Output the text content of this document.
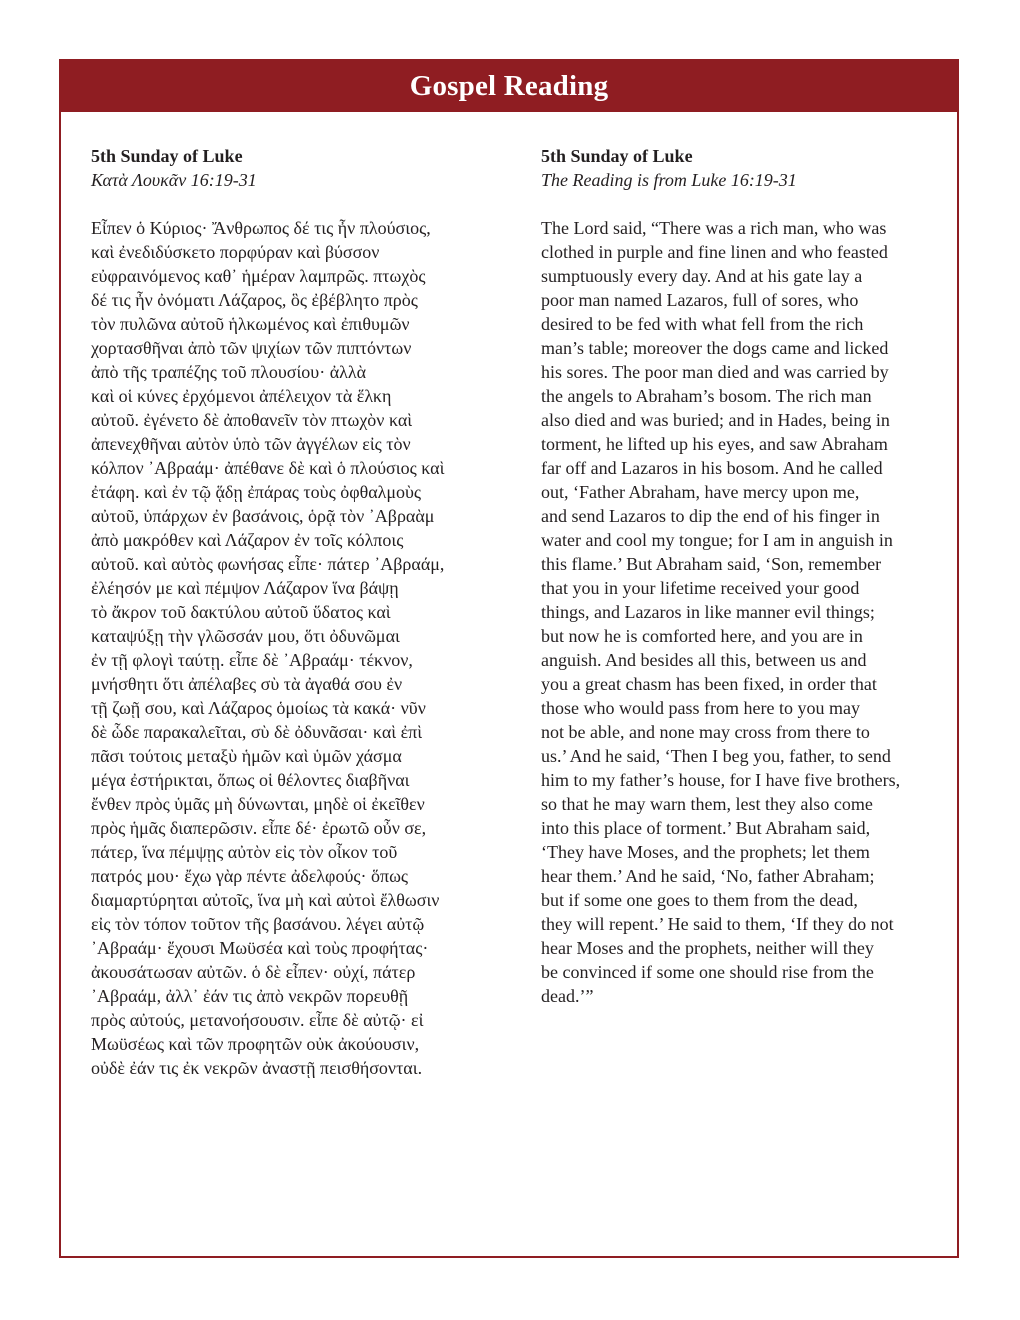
Gospel Reading

5th Sunday of Luke

Κατὰ Λουκᾶν 16:19-31

Εἶπεν ὁ Κύριος· Ἄνθρωπος δέ τις ἦν πλούσιος,
καὶ ἐνεδιδύσκετο πορφύραν καὶ βύσσον
εὐφραινόμενος καθ᾿ ἡμέραν λαμπρῶς. πτωχὸς
δέ τις ἦν ὀνόματι Λάζαρος, ὃς ἐβέβλητο πρὸς
τὸν πυλῶνα αὐτοῦ ἡλκωμένος καὶ ἐπιθυμῶν
χορτασθῆναι ἀπὸ τῶν ψιχίων τῶν πιπτόντων
ἀπὸ τῆς τραπέζης τοῦ πλουσίου· ἀλλὰ
καὶ οἱ κύνες ἐρχόμενοι ἀπέλειχον τὰ ἕλκη
αὐτοῦ. ἐγένετο δὲ ἀποθανεῖν τὸν πτωχὸν καὶ
ἀπενεχθῆναι αὐτὸν ὑπὸ τῶν ἀγγέλων εἰς τὸν
κόλπον ᾿Αβραάμ· ἀπέθανε δὲ καὶ ὁ πλούσιος καὶ
ἐτάφη. καὶ ἐν τῷ ᾅδῃ ἐπάρας τοὺς ὀφθαλμοὺς
αὐτοῦ, ὑπάρχων ἐν βασάνοις, ὁρᾷ τὸν ᾿Αβραὰμ
ἀπὸ μακρόθεν καὶ Λάζαρον ἐν τοῖς κόλποις
αὐτοῦ. καὶ αὐτὸς φωνήσας εἶπε· πάτερ ᾿Αβραάμ,
ἐλέησόν με καὶ πέμψον Λάζαρον ἵνα βάψῃ
τὸ ἄκρον τοῦ δακτύλου αὐτοῦ ὕδατος καὶ
καταψύξῃ τὴν γλῶσσάν μου, ὅτι ὀδυνῶμαι
ἐν τῇ φλογὶ ταύτῃ. εἶπε δὲ ᾿Αβραάμ· τέκνον,
μνήσθητι ὅτι ἀπέλαβες σὺ τὰ ἀγαθά σου ἐν
τῇ ζωῇ σου, καὶ Λάζαρος ὁμοίως τὰ κακά· νῦν
δὲ ὧδε παρακαλεῖται, σὺ δὲ ὀδυνᾶσαι· καὶ ἐπὶ
πᾶσι τούτοις μεταξὺ ἡμῶν καὶ ὑμῶν χάσμα
μέγα ἐστήρικται, ὅπως οἱ θέλοντες διαβῆναι
ἔνθεν πρὸς ὑμᾶς μὴ δύνωνται, μηδὲ οἱ ἐκεῖθεν
πρὸς ἡμᾶς διαπερῶσιν. εἶπε δέ· ἐρωτῶ οὖν σε,
πάτερ, ἵνα πέμψῃς αὐτὸν εἰς τὸν οἶκον τοῦ
πατρός μου· ἔχω γὰρ πέντε ἀδελφούς· ὅπως
διαμαρτύρηται αὐτοῖς, ἵνα μὴ καὶ αὐτοὶ ἔλθωσιν
εἰς τὸν τόπον τοῦτον τῆς βασάνου. λέγει αὐτῷ
᾿Αβραάμ· ἔχουσι Μωϋσέα καὶ τοὺς προφήτας·
ἀκουσάτωσαν αὐτῶν. ὁ δὲ εἶπεν· οὐχί, πάτερ
᾿Αβραάμ, ἀλλ᾿ ἐάν τις ἀπὸ νεκρῶν πορευθῇ
πρὸς αὐτούς, μετανοήσουσιν. εἶπε δὲ αὐτῷ· εἰ
Μωϋσέως καὶ τῶν προφητῶν οὐκ ἀκούουσιν,
οὐδὲ ἐάν τις ἐκ νεκρῶν ἀναστῇ πεισθήσονται.

5th Sunday of Luke

The Reading is from Luke 16:19-31

The Lord said, “There was a rich man, who was
clothed in purple and fine linen and who feasted
sumptuously every day. And at his gate lay a
poor man named Lazaros, full of sores, who
desired to be fed with what fell from the rich
man’s table; moreover the dogs came and licked
his sores. The poor man died and was carried by
the angels to Abraham’s bosom. The rich man
also died and was buried; and in Hades, being in
torment, he lifted up his eyes, and saw Abraham
far off and Lazaros in his bosom. And he called
out, ‘Father Abraham, have mercy upon me,
and send Lazaros to dip the end of his finger in
water and cool my tongue; for I am in anguish in
this flame.’ But Abraham said, ‘Son, remember
that you in your lifetime received your good
things, and Lazaros in like manner evil things;
but now he is comforted here, and you are in
anguish. And besides all this, between us and
you a great chasm has been fixed, in order that
those who would pass from here to you may
not be able, and none may cross from there to
us.’ And he said, ‘Then I beg you, father, to send
him to my father’s house, for I have five brothers,
so that he may warn them, lest they also come
into this place of torment.’ But Abraham said,
‘They have Moses, and the prophets; let them
hear them.’ And he said, ‘No, father Abraham;
but if some one goes to them from the dead,
they will repent.’ He said to them, ‘If they do not
hear Moses and the prophets, neither will they
be convinced if some one should rise from the
dead.’”
